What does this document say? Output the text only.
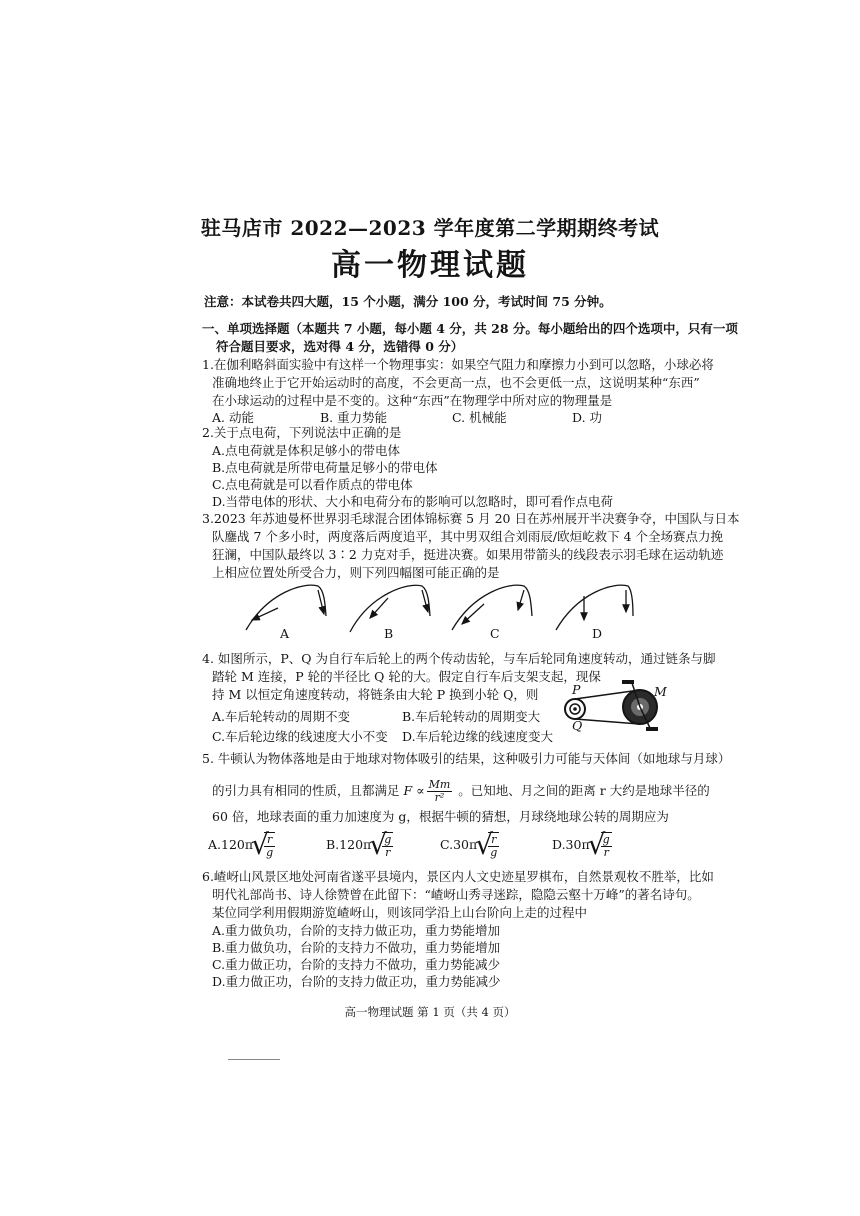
驻马店市 2022—2023 学年度第二学期期终考试
高一物理试题
注意：本试卷共四大题，15 个小题，满分 100 分，考试时间 75 分钟。
一、单项选择题（本题共 7 小题，每小题 4 分，共 28 分。每小题给出的四个选项中，只有一项
符合题目要求，选对得 4 分，选错得 0 分）
1.在伽利略斜面实验中有这样一个物理事实：如果空气阻力和摩擦力小到可以忽略，小球必将
准确地终止于它开始运动时的高度，不会更高一点，也不会更低一点，这说明某种“东西”
在小球运动的过程中是不变的。这种“东西”在物理学中所对应的物理量是
A. 动能	B. 重力势能	C. 机械能	D. 功
2.关于点电荷，下列说法中正确的是
A.点电荷就是体积足够小的带电体
B.点电荷就是所带电荷量足够小的带电体
C.点电荷就是可以看作质点的带电体
D.当带电体的形状、大小和电荷分布的影响可以忽略时，即可看作点电荷
3.2023 年苏迪曼杯世界羽毛球混合团体锦标赛 5 月 20 日在苏州展开半决赛争夺，中国队与日本
队鏖战 7 个多小时，两度落后两度追平，其中男双组合刘雨辰/欧烜屹救下 4 个全场赛点力挽
狂澜，中国队最终以 3∶2 力克对手，挺进决赛。如果用带箭头的线段表示羽毛球在运动轨迹
上相应位置处所受合力，则下列四幅图可能正确的是
A	B	C	D
4. 如图所示，P、Q 为自行车后轮上的两个传动齿轮，与车后轮同角速度转动，通过链条与脚
踏轮 M 连接，P 轮的半径比 Q 轮的大。假定自行车后支架支起，现保
持 M 以恒定角速度转动，将链条由大轮 P 换到小轮 Q，则
A.车后轮转动的周期不变	B.车后轮转动的周期变大
C.车后轮边缘的线速度大小不变 D.车后轮边缘的线速度变大
P
Q
M
5. 牛顿认为物体落地是由于地球对物体吸引的结果，这种吸引力可能与天体间（如地球与月球）
的引力具有相同的性质，且都满足 $F \propto \frac{Mm}{\text{r²}}$ 。已知地、月之间的距离 r 大约是地球半径的
60 倍，地球表面的重力加速度为 g，根据牛顿的猜想，月球绕地球公转的周期应为
A.120π √ $\frac{r}{g}$	B.120π √ $\frac{g}{r}$	C.30π √ $\frac{r}{g}$	D.30π √ $\frac{g}{r}$
6.嵖岈山风景区地处河南省遂平县境内，景区内人文史迹星罗棋布，自然景观枚不胜举，比如
明代礼部尚书、诗人徐赞曾在此留下：“嵖岈山秀寻迷踪，隐隐云壑十万峰”的著名诗句。
某位同学利用假期游览嵖岈山，则该同学沿上山台阶向上走的过程中
A.重力做负功，台阶的支持力做正功，重力势能增加
B.重力做负功，台阶的支持力不做功，重力势能增加
C.重力做正功，台阶的支持力不做功，重力势能减少
D.重力做正功，台阶的支持力做正功，重力势能减少
高一物理试题 第 1 页（共 4 页）
